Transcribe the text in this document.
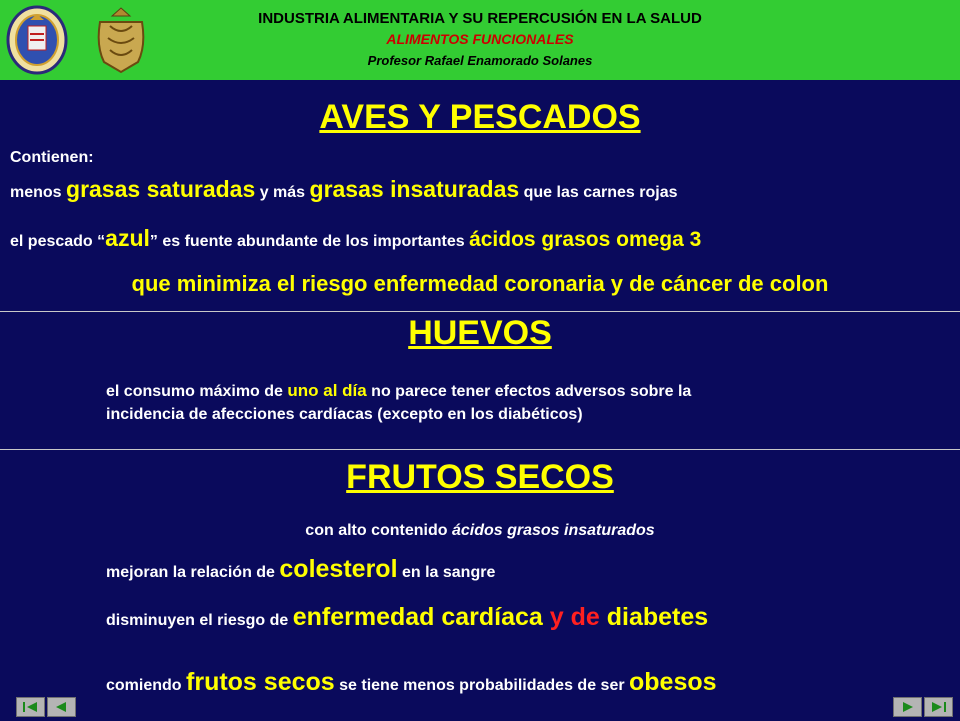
INDUSTRIA ALIMENTARIA Y SU REPERCUSIÓN EN LA SALUD
ALIMENTOS FUNCIONALES
Profesor Rafael Enamorado Solanes
AVES Y PESCADOS
Contienen:
menos grasas saturadas y más grasas insaturadas que las carnes rojas
el pescado “azul” es fuente abundante de los importantes ácidos grasos omega 3
que minimiza el riesgo enfermedad coronaria y de cáncer de colon
HUEVOS
el consumo máximo de uno al día no parece tener efectos adversos sobre la
incidencia de afecciones cardíacas (excepto en los diabéticos)
FRUTOS SECOS
con alto contenido ácidos grasos insaturados
mejoran la relación de colesterol en la sangre
disminuyen el riesgo de enfermedad cardíaca y de diabetes
comiendo frutos secos se tiene menos probabilidades de ser obesos
